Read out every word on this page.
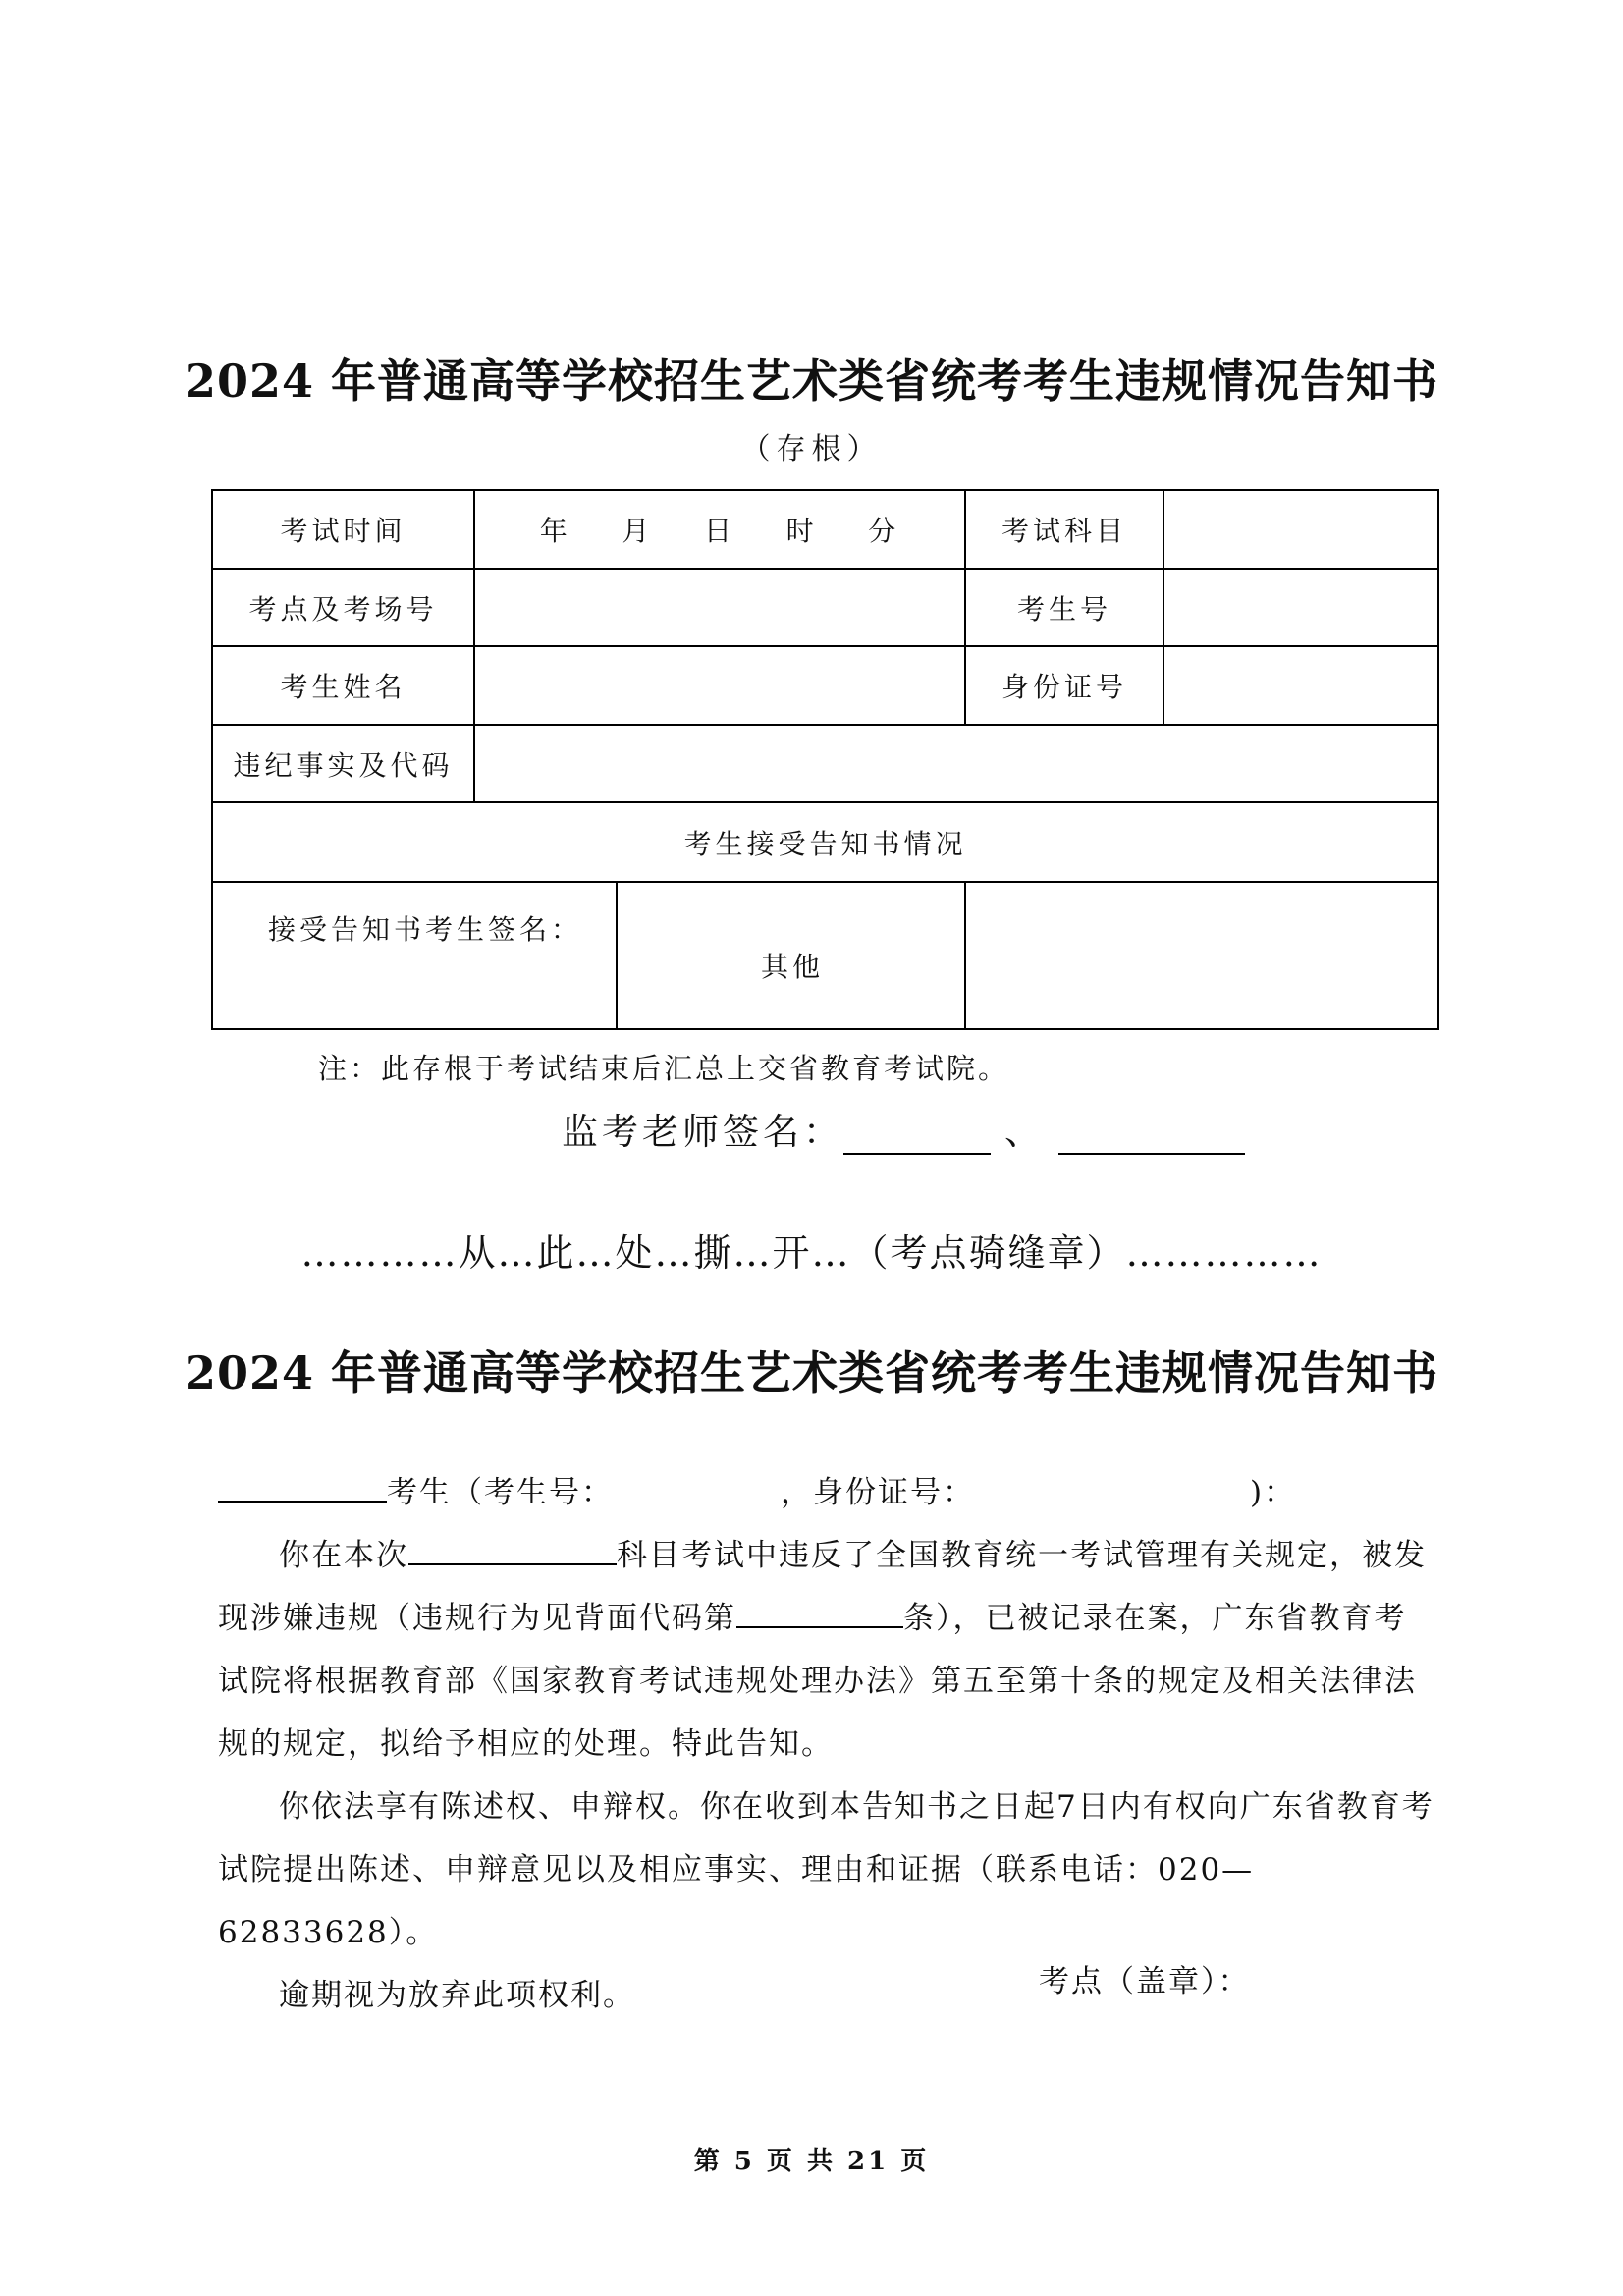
2024 年普通高等学校招生艺术类省统考考生违规情况告知书
（存根）
考试时间	年    月    日    时    分		考试科目	
考点及考场号			考生号	
考生姓名			身份证号	
违纪事实及代码				
考生接受告知书情况				
接受告知书考生签名：		其他		
注：此存根于考试结束后汇总上交省教育考试院。
监考老师签名：	、
…………从…此…处…撕…开…（考点骑缝章）……………
2024 年普通高等学校招生艺术类省统考考生违规情况告知书

考生（考生号：	，身份证号：	)：

你在本次	科目考试中违反了全国教育统一考试管理有关规定，被发现涉嫌违规（违规行为见背面代码第	条），已被记录在案，广东省教育考试院将根据教育部《国家教育考试违规处理办法》第五至第十条的规定及相关法律法规的规定，拟给予相应的处理。特此告知。

你依法享有陈述权、申辩权。你在收到本告知书之日起7日内有权向广东省教育考试院提出陈述、申辩意见以及相应事实、理由和证据（联系电话：020—62833628）。

逾期视为放弃此项权利。	考点（盖章）：
第 5 页 共 21 页
